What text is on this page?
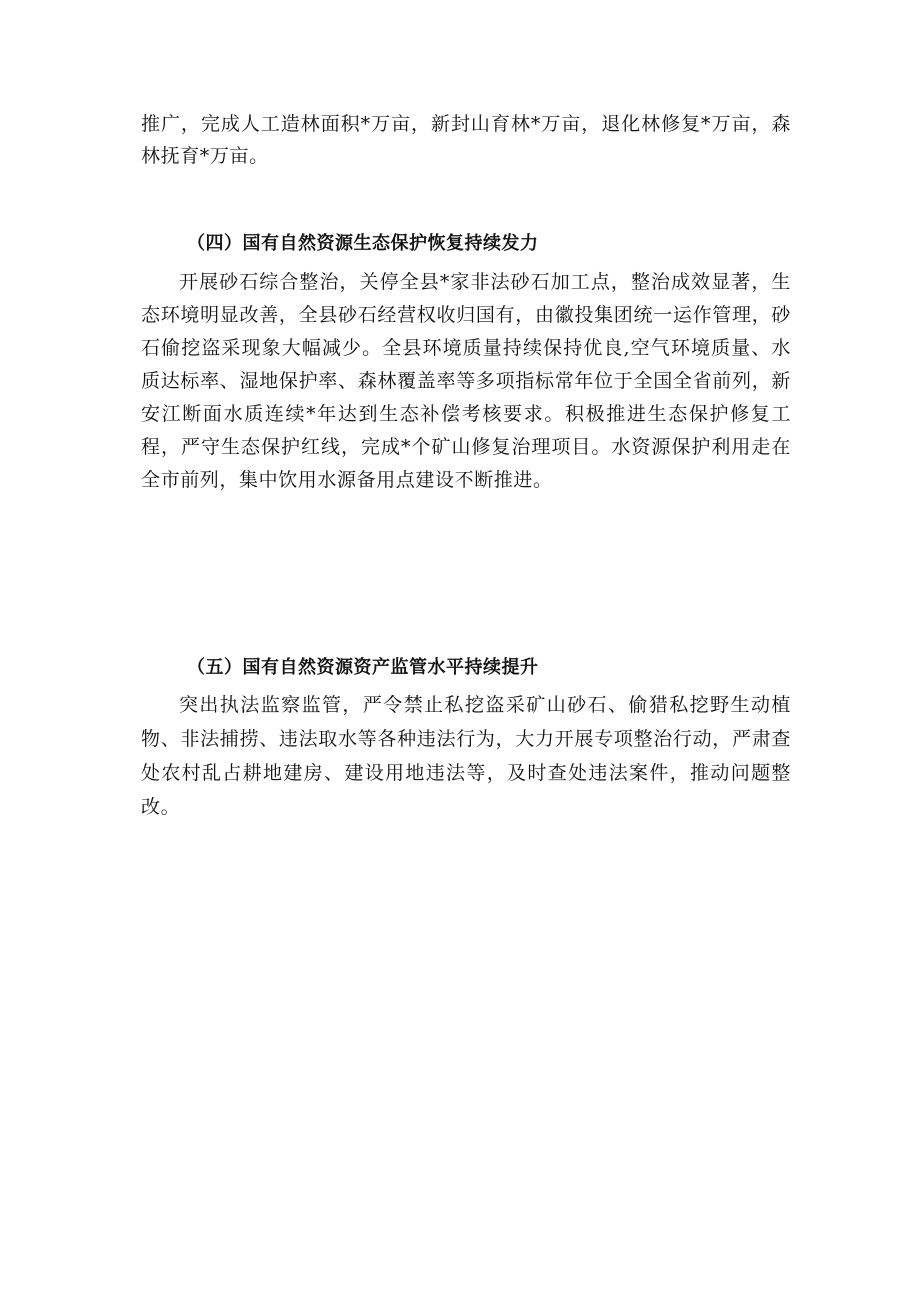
推广，完成人工造林面积*万亩，新封山育林*万亩，退化林修复*万亩，森林抚育*万亩。

（四）国有自然资源生态保护恢复持续发力

开展砂石综合整治，关停全县*家非法砂石加工点，整治成效显著，生态环境明显改善，全县砂石经营权收归国有，由徽投集团统一运作管理，砂石偷挖盗采现象大幅减少。全县环境质量持续保持优良,空气环境质量、水质达标率、湿地保护率、森林覆盖率等多项指标常年位于全国全省前列，新安江断面水质连续*年达到生态补偿考核要求。积极推进生态保护修复工程，严守生态保护红线，完成*个矿山修复治理项目。水资源保护利用走在全市前列，集中饮用水源备用点建设不断推进。

（五）国有自然资源资产监管水平持续提升

突出执法监察监管，严令禁止私挖盗采矿山砂石、偷猎私挖野生动植物、非法捕捞、违法取水等各种违法行为，大力开展专项整治行动，严肃查处农村乱占耕地建房、建设用地违法等，及时查处违法案件，推动问题整改。
